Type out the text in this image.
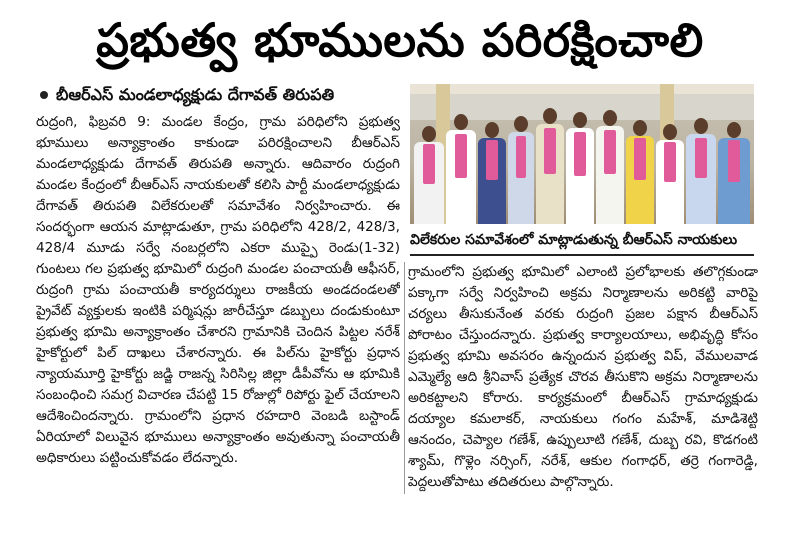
ప్రభుత్వ భూములను పరిరక్షించాలి
బీఆర్ఎస్ మండలాధ్యక్షుడు దేగావత్ తిరుపతి
రుద్రంగి, ఫిబ్రవరి 9: మండల కేంద్రం, గ్రామ పరిధిలోని ప్రభుత్వ భూములు అన్యాక్రాంతం కాకుండా పరిరక్షించాలని బీఆర్ఎస్ మండలాధ్యక్షుడు దేగావత్ తిరుపతి అన్నారు. ఆదివారం రుద్రంగి మండల కేంద్రంలో బీఆర్ఎస్ నాయకులతో కలిసి పార్టీ మండలాధ్యక్షుడు దేగావత్ తిరుపతి విలేకరులతో సమావేశం నిర్వహించారు. ఈ సందర్భంగా ఆయన మాట్లాడుతూ, గ్రామ పరిధిలోని 428/2, 428/3, 428/4 మూడు సర్వే నంబర్లలోని ఎకరా ముప్పై రెండు(1-32) గుంటలు గల ప్రభుత్వ భూమిలో రుద్రంగి మండల పంచాయతీ ఆఫీసర్, రుద్రంగి గ్రామ పంచాయతీ కార్యదర్శులు రాజకీయ అండదండలతో ప్రైవేట్ వ్యక్తులకు ఇంటికి పర్మిషన్లు జారీచేస్తూ డబ్బులు దండుకుంటూ ప్రభుత్వ భూమి అన్యాక్రాంతం చేశారని గ్రామానికి చెందిన పిట్టల నరేశ్ హైకోర్టులో పిల్ దాఖలు చేశారన్నారు. ఈ పిల్‌ను హైకోర్టు ప్రధాన న్యాయమూర్తి హైకోర్టు జడ్జి రాజన్న సిరిసిల్ల జిల్లా డీపీవోను ఆ భూమికి సంబంధించి సమగ్ర విచారణ చేపట్టి 15 రోజుల్లో రిపోర్టు ఫైల్ చేయాలని ఆదేశించిందన్నారు. గ్రామంలోని ప్రధాన రహదారి వెంబడి బస్టాండ్ ఏరియాలో విలువైన భూములు అన్యాక్రాంతం అవుతున్నా పంచాయతీ అధికారులు పట్టించుకోవడం లేదన్నారు.
విలేకరుల సమావేశంలో మాట్లాడుతున్న బీఆర్ఎస్ నాయకులు
గ్రామంలోని ప్రభుత్వ భూమిలో ఎలాంటి ప్రలోభాలకు తలొగ్గకుండా పక్కాగా సర్వే నిర్వహించి అక్రమ నిర్మాణాలను అరికట్టి వారిపై చర్యలు తీసుకునేంత వరకు రుద్రంగి ప్రజల పక్షాన బీఆర్ఎస్ పోరాటం చేస్తుందన్నారు. ప్రభుత్వ కార్యాలయాలు, అభివృద్ధి కోసం ప్రభుత్వ భూమి అవసరం ఉన్నందున ప్రభుత్వ విప్, వేములవాడ ఎమ్మెల్యే ఆది శ్రీనివాస్ ప్రత్యేక చొరవ తీసుకొని అక్రమ నిర్మాణాలను అరికట్టాలని కోరారు. కార్యక్రమంలో బీఆర్ఎస్ గ్రామాధ్యక్షుడు దయ్యాల కమలాకర్, నాయకులు గంగం మహేశ్, మాడిశెట్టి ఆనందం, చెప్యాల గణేశ్, ఉప్పులూటి గణేశ్, దుబ్బ రవి, కొడగంటి శ్యామ్, గొళ్లెం నర్సింగ్, నరేశ్, ఆకుల గంగాధర్, తర్రె గంగారెడ్డి, పెద్దలుతోపాటు తదితరులు పాల్గొన్నారు.
